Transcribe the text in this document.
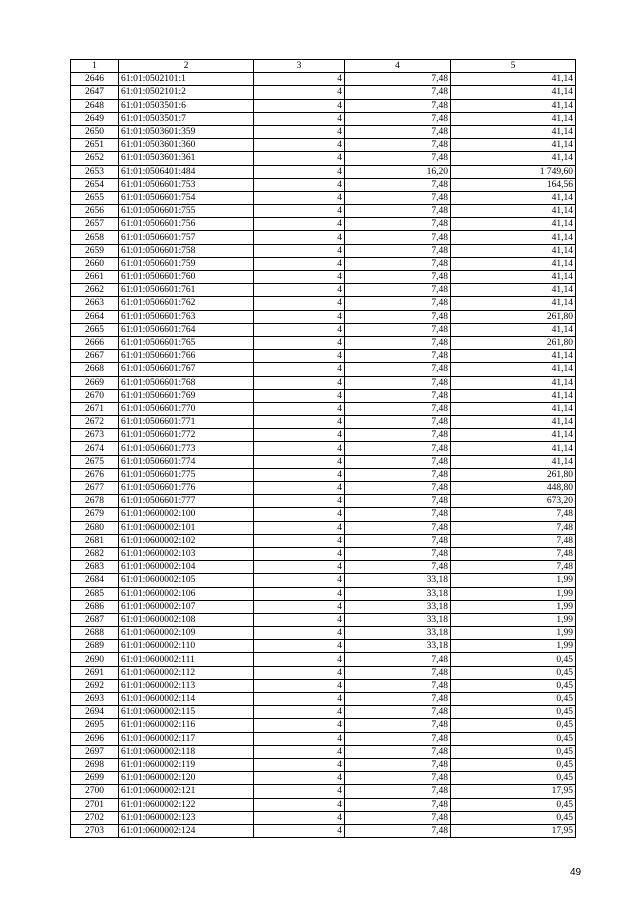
1	2	3	4	5
2646	61:01:0502101:1	4	7,48	41,14
2647	61:01:0502101:2	4	7,48	41,14
2648	61:01:0503501:6	4	7,48	41,14
2649	61:01:0503501:7	4	7,48	41,14
2650	61:01:0503601:359	4	7,48	41,14
2651	61:01:0503601:360	4	7,48	41,14
2652	61:01:0503601:361	4	7,48	41,14
2653	61:01:0506401:484	4	16,20	1 749,60
2654	61:01:0506601:753	4	7,48	164,56
2655	61:01:0506601:754	4	7,48	41,14
2656	61:01:0506601:755	4	7,48	41,14
2657	61:01:0506601:756	4	7,48	41,14
2658	61:01:0506601:757	4	7,48	41,14
2659	61:01:0506601:758	4	7,48	41,14
2660	61:01:0506601:759	4	7,48	41,14
2661	61:01:0506601:760	4	7,48	41,14
2662	61:01:0506601:761	4	7,48	41,14
2663	61:01:0506601:762	4	7,48	41,14
2664	61:01:0506601:763	4	7,48	261,80
2665	61:01:0506601:764	4	7,48	41,14
2666	61:01:0506601:765	4	7,48	261,80
2667	61:01:0506601:766	4	7,48	41,14
2668	61:01:0506601:767	4	7,48	41,14
2669	61:01:0506601:768	4	7,48	41,14
2670	61:01:0506601:769	4	7,48	41,14
2671	61:01:0506601:770	4	7,48	41,14
2672	61:01:0506601:771	4	7,48	41,14
2673	61:01:0506601:772	4	7,48	41,14
2674	61:01:0506601:773	4	7,48	41,14
2675	61:01:0506601:774	4	7,48	41,14
2676	61:01:0506601:775	4	7,48	261,80
2677	61:01:0506601:776	4	7,48	448,80
2678	61:01:0506601:777	4	7,48	673,20
2679	61:01:0600002:100	4	7,48	7,48
2680	61:01:0600002:101	4	7,48	7,48
2681	61:01:0600002:102	4	7,48	7,48
2682	61:01:0600002:103	4	7,48	7,48
2683	61:01:0600002:104	4	7,48	7,48
2684	61:01:0600002:105	4	33,18	1,99
2685	61:01:0600002:106	4	33,18	1,99
2686	61:01:0600002:107	4	33,18	1,99
2687	61:01:0600002:108	4	33,18	1,99
2688	61:01:0600002:109	4	33,18	1,99
2689	61:01:0600002:110	4	33,18	1,99
2690	61:01:0600002:111	4	7,48	0,45
2691	61:01:0600002:112	4	7,48	0,45
2692	61:01:0600002:113	4	7,48	0,45
2693	61:01:0600002:114	4	7,48	0,45
2694	61:01:0600002:115	4	7,48	0,45
2695	61:01:0600002:116	4	7,48	0,45
2696	61:01:0600002:117	4	7,48	0,45
2697	61:01:0600002:118	4	7,48	0,45
2698	61:01:0600002:119	4	7,48	0,45
2699	61:01:0600002:120	4	7,48	0,45
2700	61:01:0600002:121	4	7,48	17,95
2701	61:01:0600002:122	4	7,48	0,45
2702	61:01:0600002:123	4	7,48	0,45
2703	61:01:0600002:124	4	7,48	17,95
49
